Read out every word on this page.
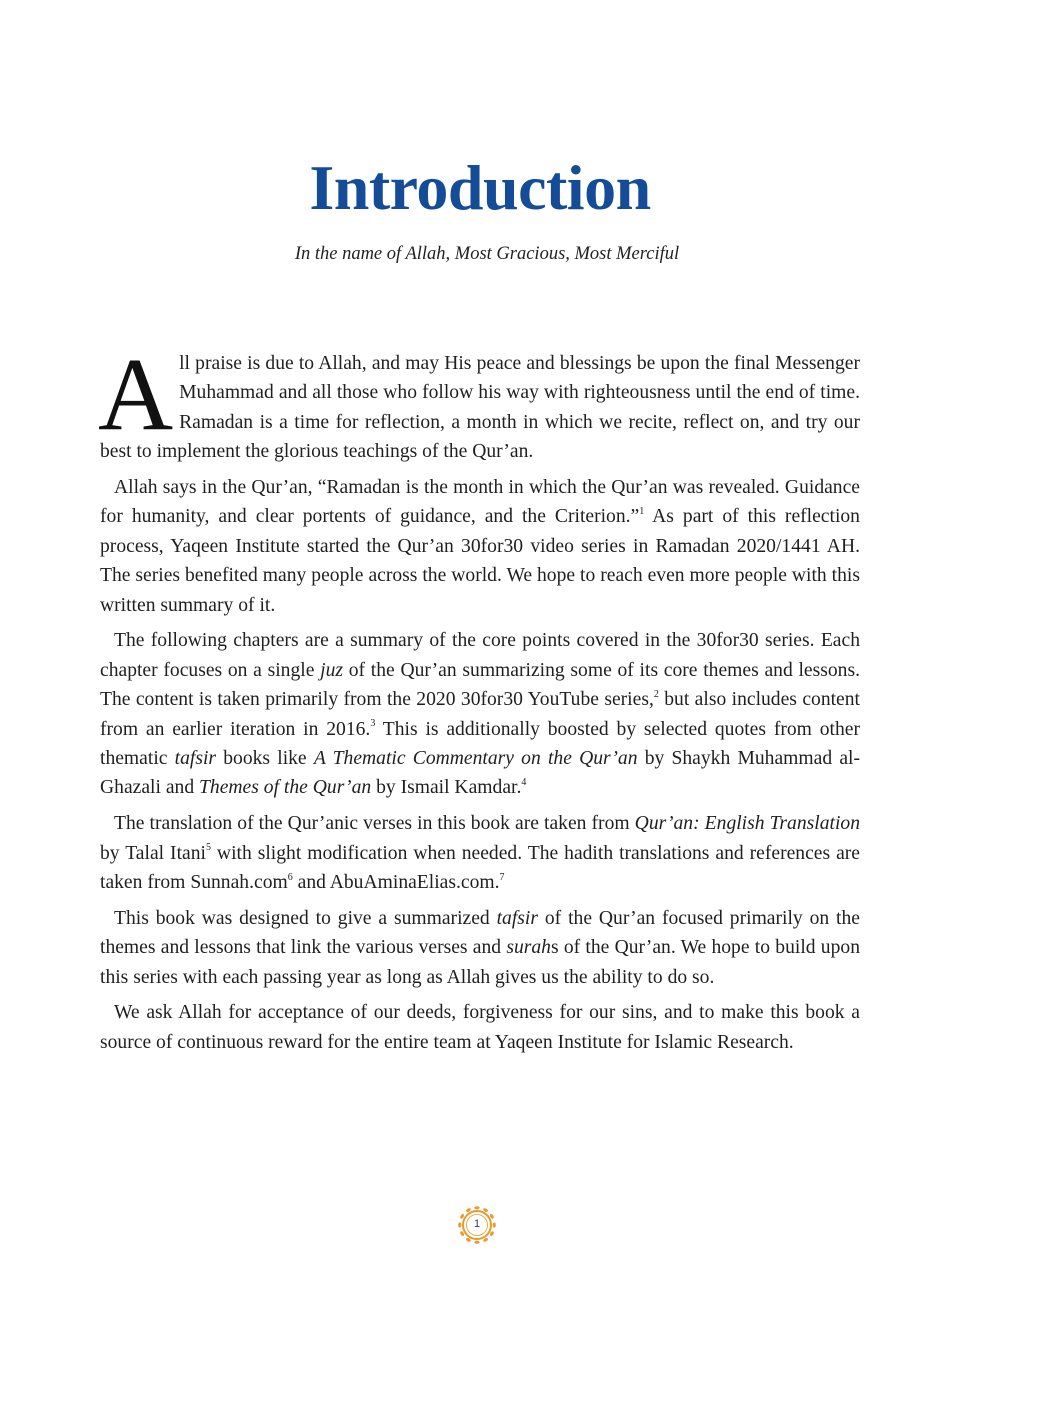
Introduction
In the name of Allah, Most Gracious, Most Merciful

All praise is due to Allah, and may His peace and blessings be upon the final Messenger Muhammad and all those who follow his way with righteousness until the end of time. Ramadan is a time for reflection, a month in which we recite, reflect on, and try our best to implement the glorious teachings of the Qur’an.

Allah says in the Qur’an, “Ramadan is the month in which the Qur’an was revealed. Guidance for humanity, and clear portents of guidance, and the Criterion.”$^1$ As part of this reflection process, Yaqeen Institute started the Qur’an 30for30 video series in Ramadan 2020/1441 AH. The series benefited many people across the world. We hope to reach even more people with this written summary of it.

The following chapters are a summary of the core points covered in the 30for30 series. Each chapter focuses on a single juz of the Qur’an summarizing some of its core themes and lessons. The content is taken primarily from the 2020 30for30 YouTube series,$^2$ but also includes content from an earlier iteration in 2016.$^3$ This is additionally boosted by selected quotes from other thematic tafsir books like A Thematic Commentary on the Qur’an by Shaykh Muhammad al-Ghazali and Themes of the Qur’an by Ismail Kamdar.$^4$

The translation of the Qur’anic verses in this book are taken from Qur’an: English Translation by Talal Itani$^5$ with slight modification when needed. The hadith translations and references are taken from Sunnah.com$^6$ and AbuAminaElias.com.$^7$

This book was designed to give a summarized tafsir of the Qur’an focused primarily on the themes and lessons that link the various verses and surahs of the Qur’an. We hope to build upon this series with each passing year as long as Allah gives us the ability to do so.

We ask Allah for acceptance of our deeds, forgiveness for our sins, and to make this book a source of continuous reward for the entire team at Yaqeen Institute for Islamic Research.

1
